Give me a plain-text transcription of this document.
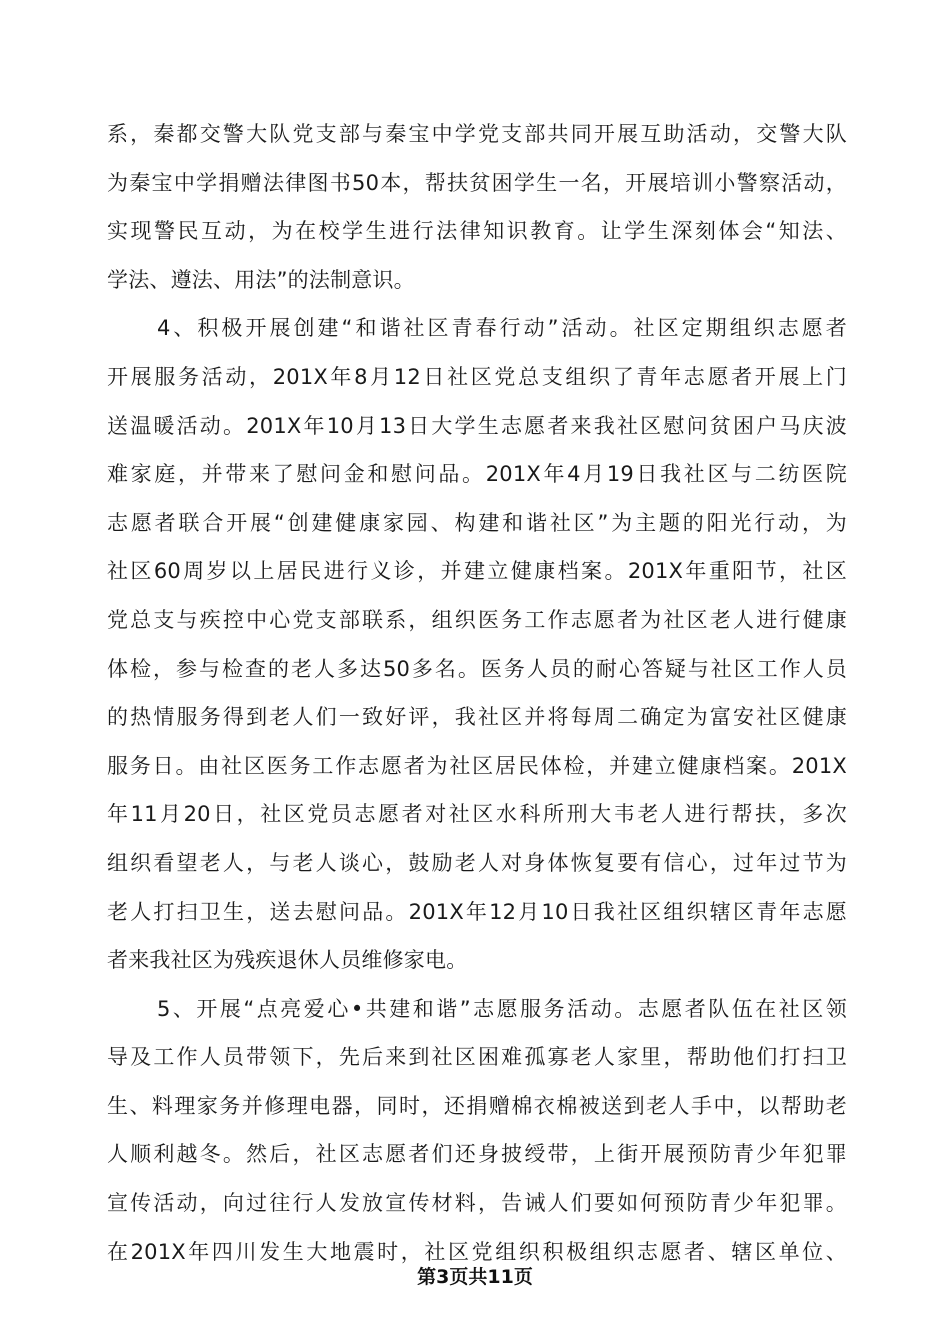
系，秦都交警大队党支部与秦宝中学党支部共同开展互助活动，交警大队
为秦宝中学捐赠法律图书50本，帮扶贫困学生一名，开展培训小警察活动，
实现警民互动，为在校学生进行法律知识教育。让学生深刻体会“知法、
学法、遵法、用法”的法制意识。
4、积极开展创建“和谐社区青春行动”活动。社区定期组织志愿者
开展服务活动，201X年8月12日社区党总支组织了青年志愿者开展上门
送温暖活动。201X年10月13日大学生志愿者来我社区慰问贫困户马庆波
难家庭，并带来了慰问金和慰问品。201X年4月19日我社区与二纺医院
志愿者联合开展“创建健康家园、构建和谐社区”为主题的阳光行动，为
社区60周岁以上居民进行义诊，并建立健康档案。201X年重阳节，社区
党总支与疾控中心党支部联系，组织医务工作志愿者为社区老人进行健康
体检，参与检查的老人多达50多名。医务人员的耐心答疑与社区工作人员
的热情服务得到老人们一致好评，我社区并将每周二确定为富安社区健康
服务日。由社区医务工作志愿者为社区居民体检，并建立健康档案。201X
年11月20日，社区党员志愿者对社区水科所刑大韦老人进行帮扶，多次
组织看望老人，与老人谈心，鼓励老人对身体恢复要有信心，过年过节为
老人打扫卫生，送去慰问品。201X年12月10日我社区组织辖区青年志愿
者来我社区为残疾退休人员维修家电。
5、开展“点亮爱心•共建和谐”志愿服务活动。志愿者队伍在社区领
导及工作人员带领下，先后来到社区困难孤寡老人家里，帮助他们打扫卫
生、料理家务并修理电器，同时，还捐赠棉衣棉被送到老人手中，以帮助老
人顺利越冬。然后，社区志愿者们还身披绶带，上街开展预防青少年犯罪
宣传活动，向过往行人发放宣传材料，告诫人们要如何预防青少年犯罪。
在201X年四川发生大地震时，社区党组织积极组织志愿者、辖区单位、
第3页共11页
